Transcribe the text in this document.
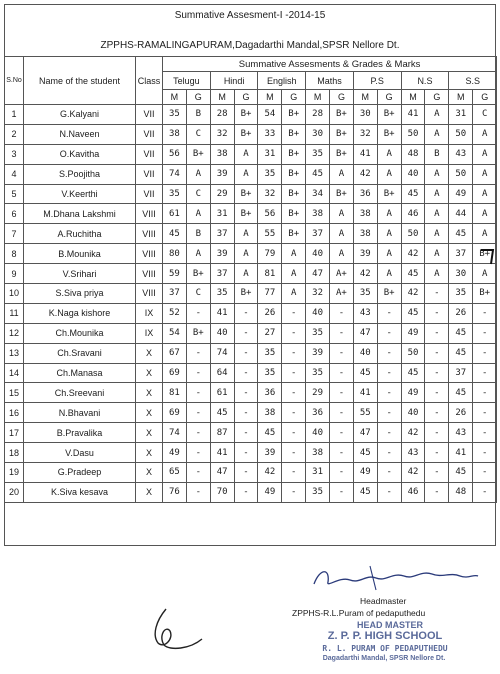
Summative Assesment-I -2014-15
ZPPHS-RAMALINGAPURAM,Dagadarthi Mandal,SPSR Nellore Dt.
S.No	Name of the student	Class	Summative Assesments & Grades & Marks													
			Telugu		Hindi		English		Maths		P.S		N.S		S.S	
			M	G	M	G	M	G	M	G	M	G	M	G	M	G
1	G.Kalyani	VII	35	B	28	B+	54	B+	28	B+	30	B+	41	A	31	C
2	N.Naveen	VII	38	C	32	B+	33	B+	30	B+	32	B+	50	A	50	A
3	O.Kavitha	VII	56	B+	38	A	31	B+	35	B+	41	A	48	B	43	A
4	S.Poojitha	VII	74	A	39	A	35	B+	45	A	42	A	40	A	50	A
5	V.Keerthi	VII	35	C	29	B+	32	B+	34	B+	36	B+	45	A	49	A
6	M.Dhana Lakshmi	VIII	61	A	31	B+	56	B+	38	A	38	A	46	A	44	A
7	A.Ruchitha	VIII	45	B	37	A	55	B+	37	A	38	A	50	A	45	A
8	B.Mounika	VIII	80	A	39	A	79	A	40	A	39	A	42	A	37	B+
9	V.Srihari	VIII	59	B+	37	A	81	A	47	A+	42	A	45	A	30	A
10	S.Siva priya	VIII	37	C	35	B+	77	A	32	A+	35	B+	42	-	35	B+
11	K.Naga kishore	IX	52	-	41	-	26	-	40	-	43	-	45	-	26	-
12	Ch.Mounika	IX	54	B+	40	-	27	-	35	-	47	-	49	-	45	-
13	Ch.Sravani	X	67	-	74	-	35	-	39	-	40	-	50	-	45	-
14	Ch.Manasa	X	69	-	64	-	35	-	35	-	45	-	45	-	37	-
15	Ch.Sreevani	X	81	-	61	-	36	-	29	-	41	-	49	-	45	-
16	N.Bhavani	X	69	-	45	-	38	-	36	-	55	-	40	-	26	-
17	B.Pravalika	X	74	-	87	-	45	-	40	-	47	-	42	-	43	-
18	V.Dasu	X	49	-	41	-	39	-	38	-	45	-	43	-	41	-
19	G.Pradeep	X	65	-	47	-	42	-	31	-	49	-	42	-	45	-
20	K.Siva kesava	X	76	-	70	-	49	-	35	-	45	-	46	-	48	-
Headmaster
ZPPHS-R.L.Puram of pedaputhedu
HEAD MASTER
Z. P. P. HIGH SCHOOL
R. L. PURAM OF PEDAPUTHEDU
Dagadarthi Mandal, SPSR Nellore Dt.
